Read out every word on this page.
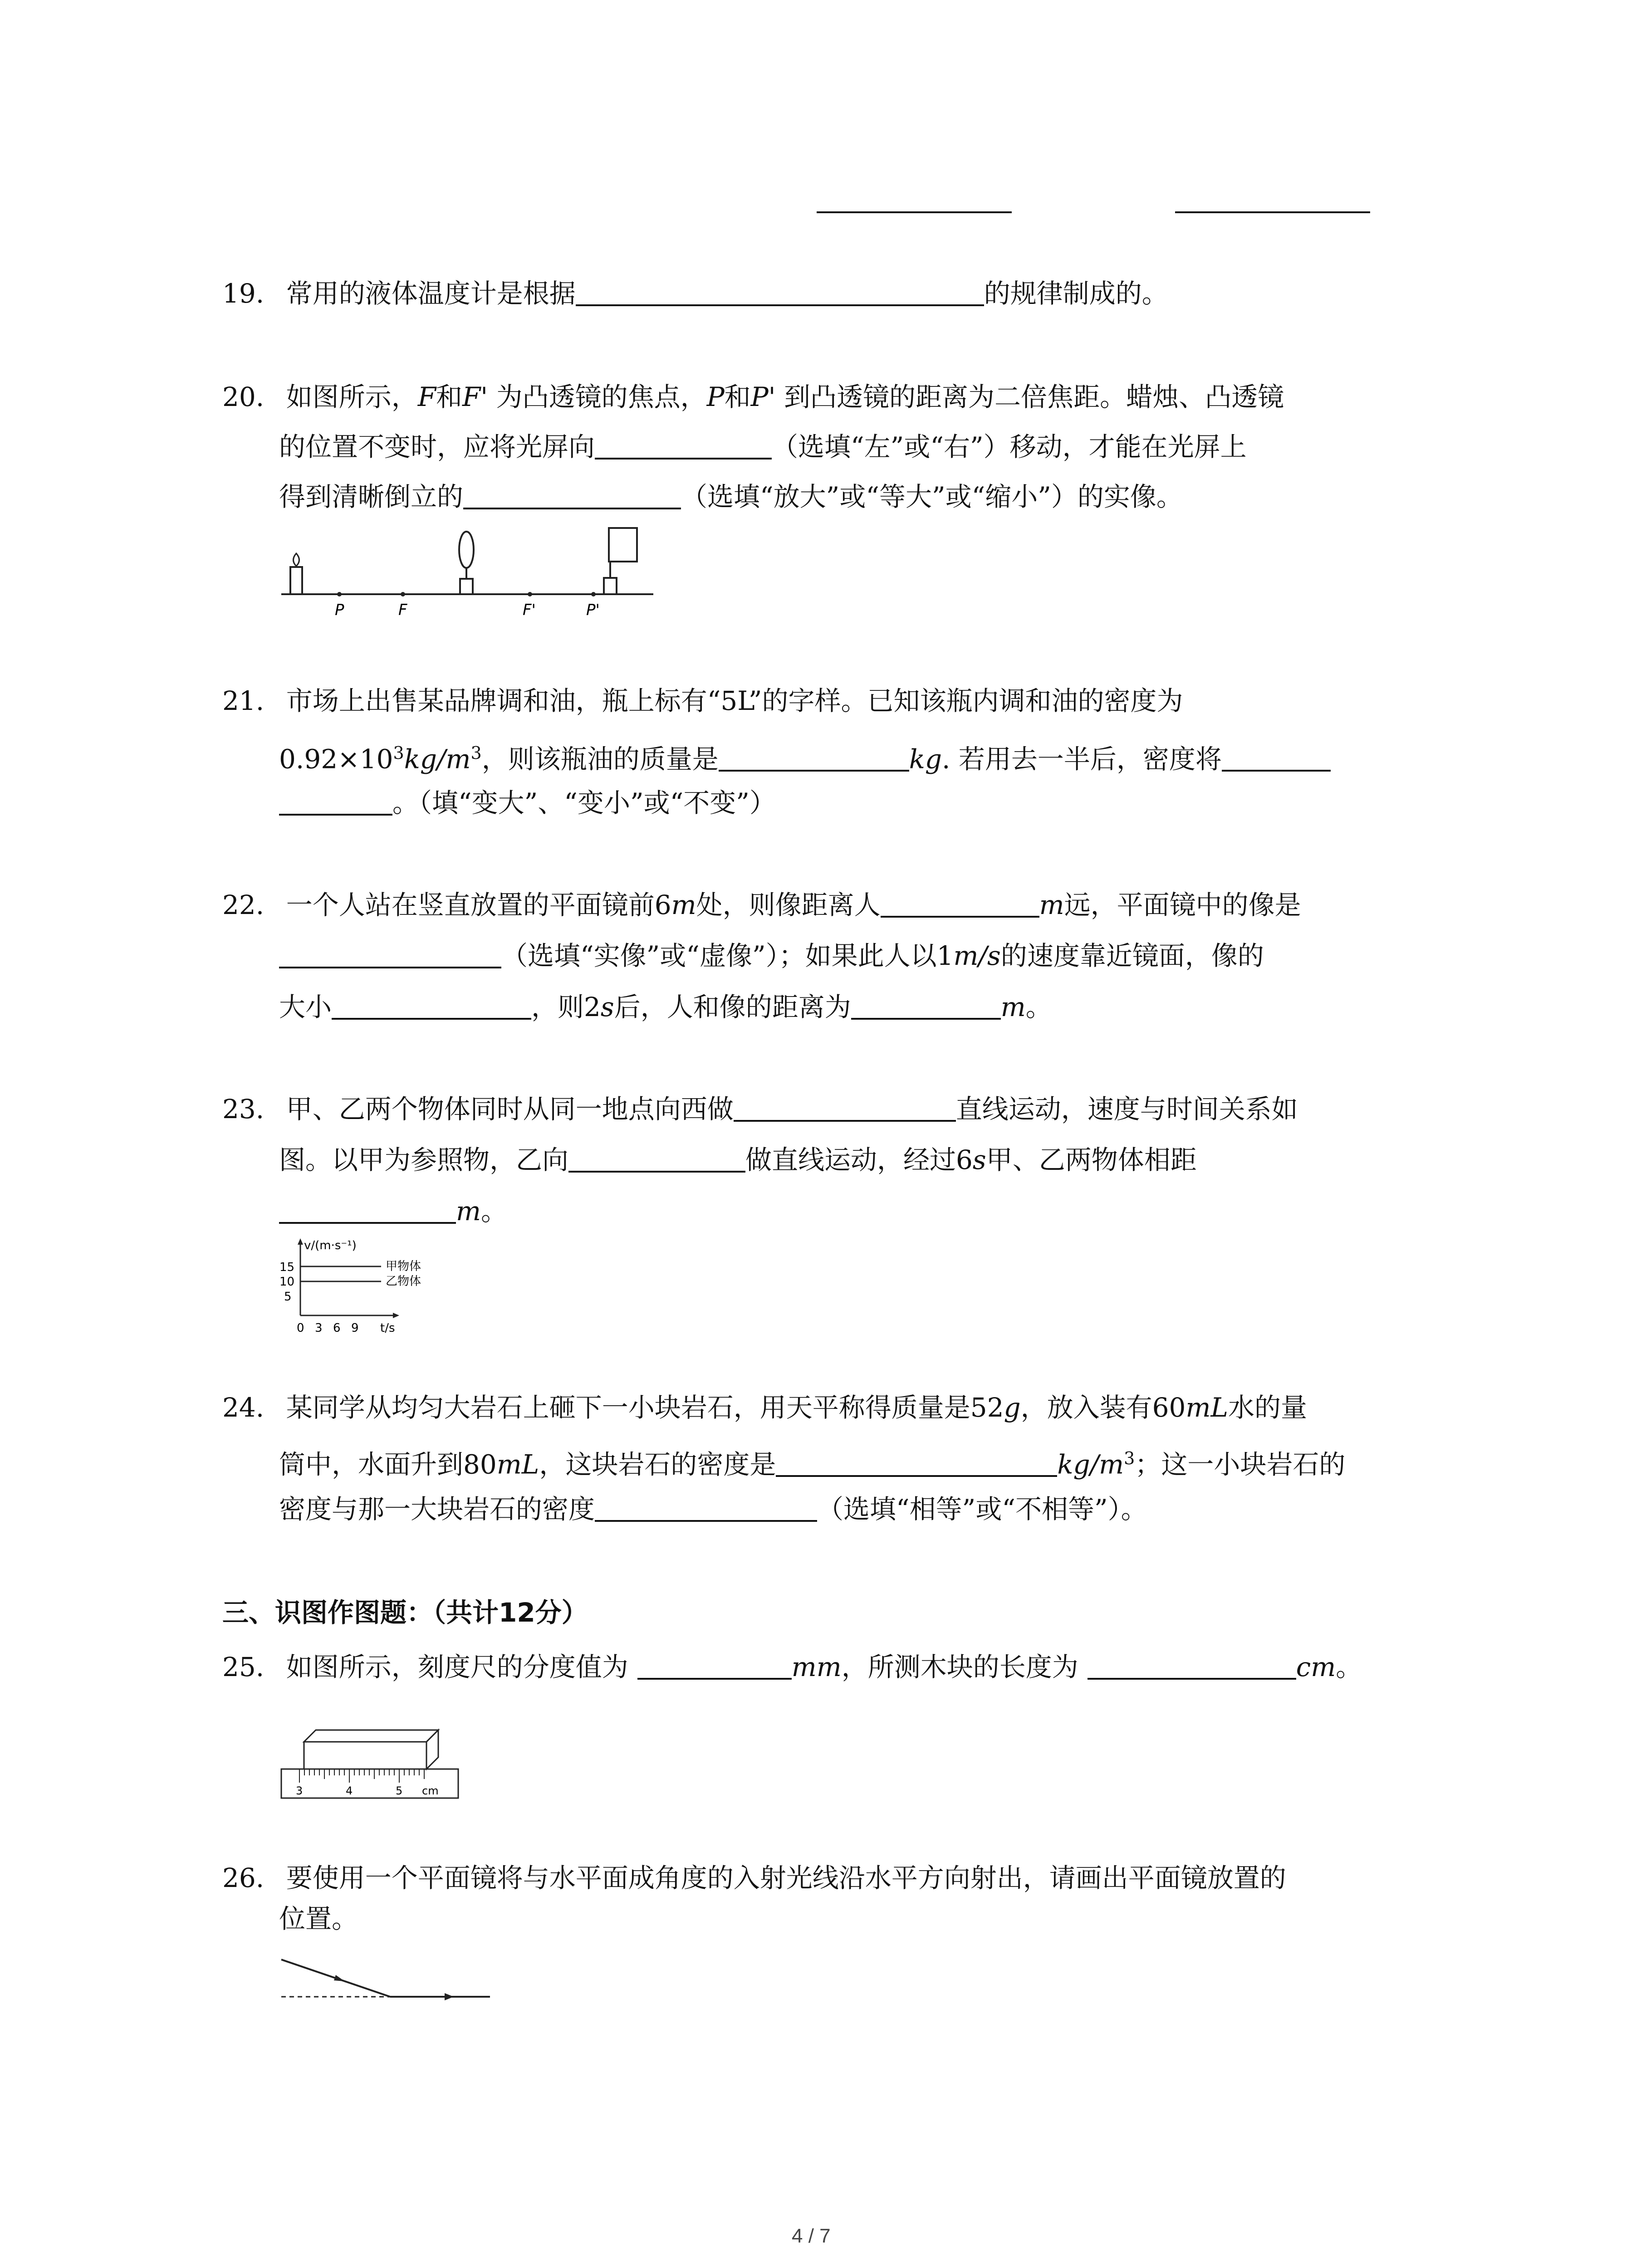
19. 常用的液体温度计是根据	的规律制成的。
20. 如图所示，F和F' 为凸透镜的焦点，P和P' 到凸透镜的距离为二倍焦距。蜡烛、凸透镜
的位置不变时，应将光屏向	（选填“左”或“右”）移动，才能在光屏上
得到清晰倒立的	（选填“放大”或“等大”或“缩小”）的实像。
P	F	F'	P'
21. 市场上出售某品牌调和油，瓶上标有“5L”的字样。已知该瓶内调和油的密度为
$0.92\times 10^3kg/m^3$，则该瓶油的质量是	kg. 若用去一半后，密度将
。（填“变大”、“变小”或“不变”）
22. 一个人站在竖直放置的平面镜前6m处，则像距离人	m远，平面镜中的像是
（选填“实像”或“虚像”）；如果此人以1m/s的速度靠近镜面，像的
大小	，则2s后，人和像的距离为	m。
23. 甲、乙两个物体同时从同一地点向西做	直线运动，速度与时间关系如
图。以甲为参照物，乙向	做直线运动，经过6s甲、乙两物体相距
m。
v/(m·s⁻¹)
15
10
5
0 3 6 9 t/s
甲物体
乙物体
24. 某同学从均匀大岩石上砸下一小块岩石，用天平称得质量是52g，放入装有60mL水的量
筒中，水面升到80mL，这块岩石的密度是	$kg/m^3$；这一小块岩石的
密度与那一大块岩石的密度	（选填“相等”或“不相等”）。
三、识图作图题：（共计12分）
25. 如图所示，刻度尺的分度值为	mm，所测木块的长度为	cm。
3	4	5 cm
26. 要使用一个平面镜将与水平面成角度的入射光线沿水平方向射出，请画出平面镜放置的
位置。
4 / 7
